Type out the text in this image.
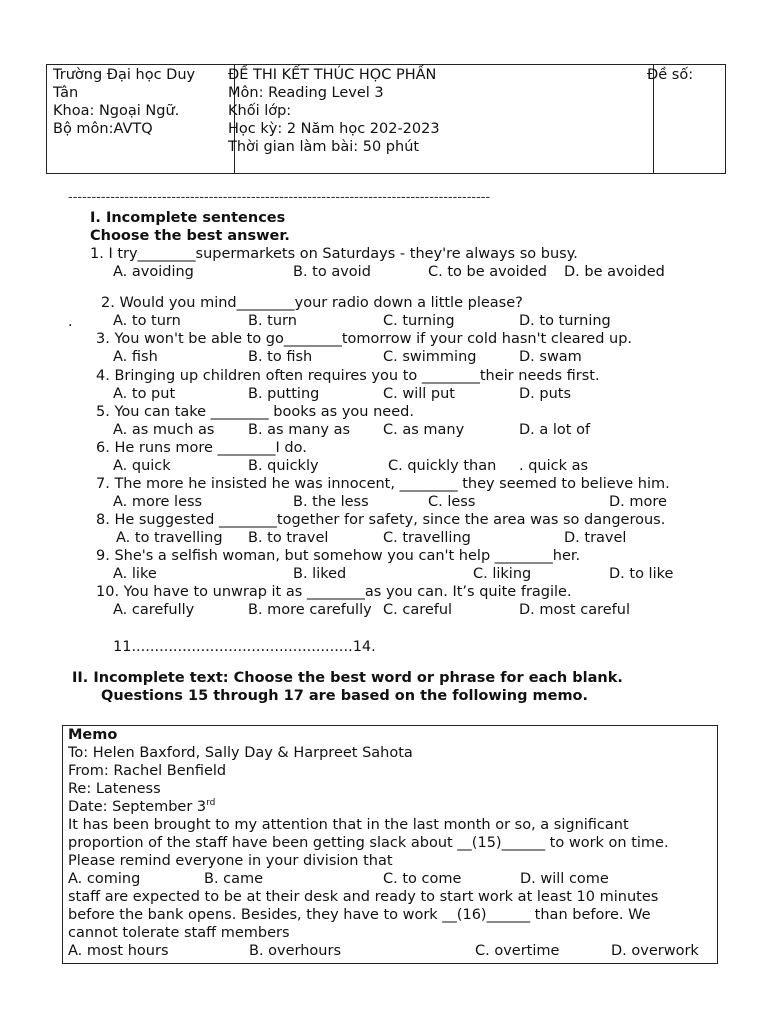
Trường Đại học Duy
Tân
Khoa: Ngoại Ngữ.
Bộ môn:AVTQ
ĐỀ THI KẾT THÚC HỌC PHẦN
Môn: Reading Level 3
Khối lớp:
Học kỳ: 2 Năm học 202-2023
Thời gian làm bài: 50 phút
Đề số:
------------------------------------------------------------------------------------------
I. Incomplete sentences
Choose the best answer.
1. I try________supermarkets on Saturdays - they're always so busy.
A. avoiding	B. to avoid	C. to be avoided D. be avoided
2. Would you mind________your radio down a little please?
A. to turn	B. turn	C. turning	D. to turning
3. You won't be able to go________tomorrow if your cold hasn't cleared up.
A. fish	B. to fish	C. swimming	D. swam
4. Bringing up children often requires you to ________their needs first.
A. to put	B. putting	C. will put	D. puts
5. You can take ________ books as you need.
A. as much as B. as many as C. as many	D. a lot of
6. He runs more ________I do.
A. quick	B. quickly	C. quickly than . quick as
7. The more he insisted he was innocent, ________ they seemed to believe him.
A. more less	B. the less	C. less	D. more
8. He suggested ________together for safety, since the area was so dangerous.
A. to travelling B. to travel	C. travelling	D. travel
9. She's a selfish woman, but somehow you can't help ________her.
A. like	B. liked	C. liking	D. to like
10. You have to unwrap it as ________as you can. It’s quite fragile.
A. carefully	B. more carefully C. careful	D. most careful
.
11................................................14.
II. Incomplete text: Choose the best word or phrase for each blank.
Questions 15 through 17 are based on the following memo.
Memo
To: Helen Baxford, Sally Day & Harpreet Sahota
From: Rachel Benfield
Re: Lateness
Date: September 3rd
It has been brought to my attention that in the last month or so, a significant
proportion of the staff have been getting slack about __(15)______ to work on time.
Please remind everyone in your division that
A. coming	B. came	C. to come	D. will come
staff are expected to be at their desk and ready to start work at least 10 minutes
before the bank opens. Besides, they have to work __(16)______ than before. We
cannot tolerate staff members
A. most hours	B. overhours	C. overtime	D. overwork
